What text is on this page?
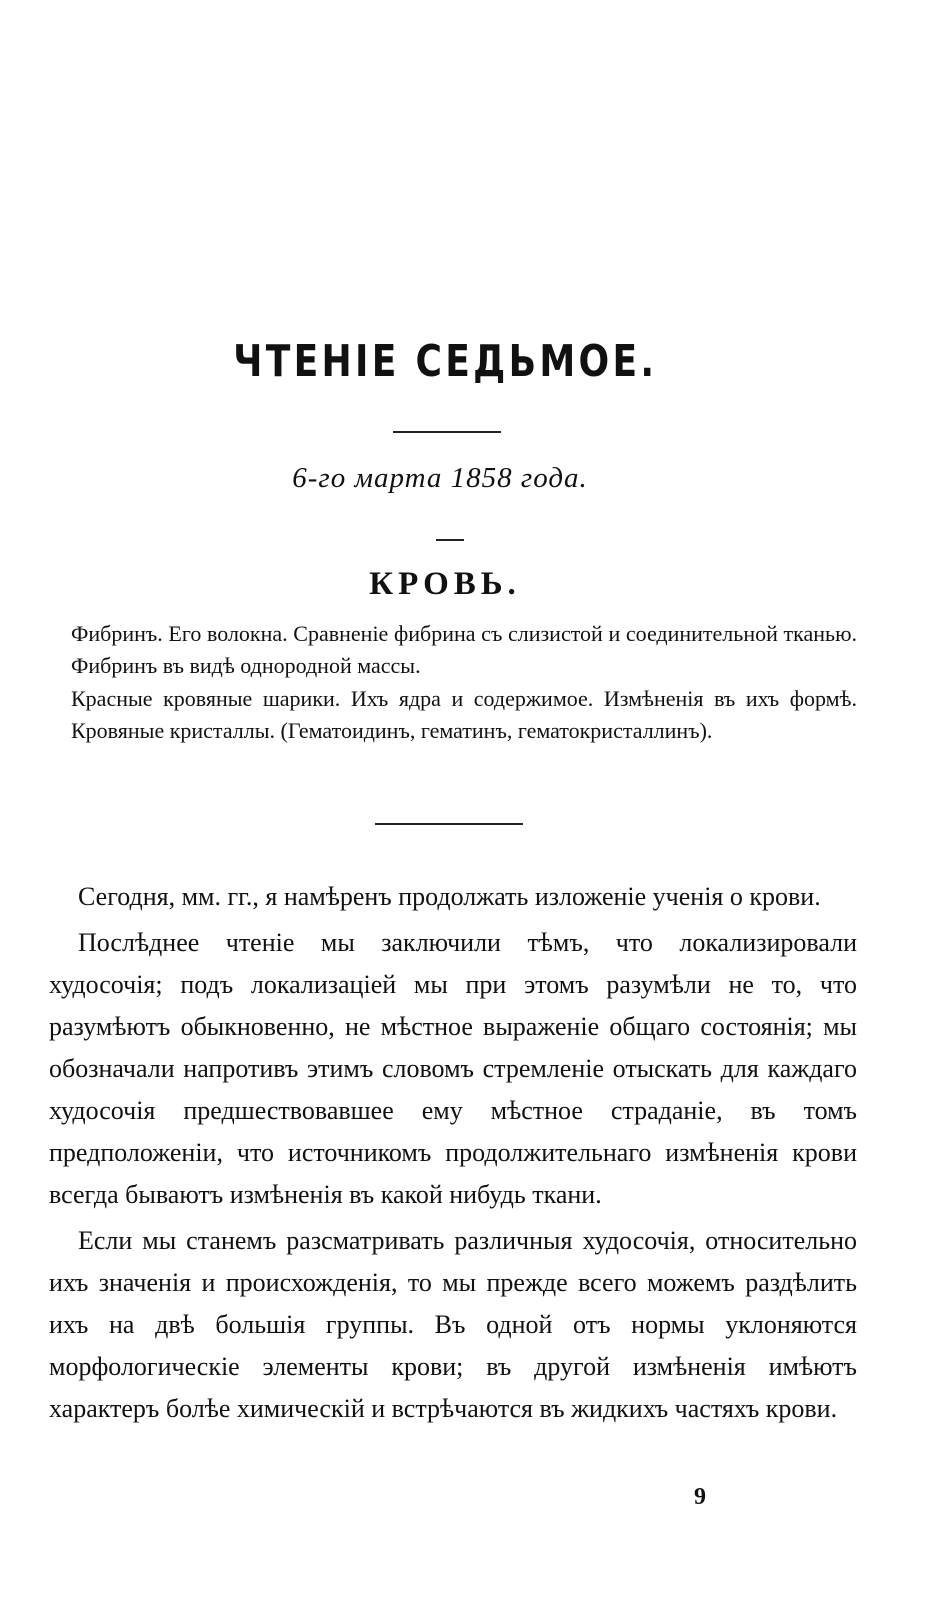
ЧТЕНІЕ СЕДЬМОЕ.

6-го марта 1858 года.

КРОВЬ.

Фибринъ. Его волокна. Сравненіе фибрина съ слизистой и соединительной тканью. Фибринъ въ видѣ однородной массы.

Красные кровяные шарики. Ихъ ядра и содержимое. Измѣненія въ ихъ формѣ. Кровяные кристаллы. (Гематоидинъ, гематинъ, гематокристаллинъ).

Сегодня, мм. гг., я намѣренъ продолжать изложеніе ученія о крови.

Послѣднее чтеніе мы заключили тѣмъ, что локализировали худосочія; подъ локализаціей мы при этомъ разумѣли не то, что разумѣютъ обыкновенно, не мѣстное выраженіе общаго состоянія; мы обозначали напротивъ этимъ словомъ стремленіе отыскать для каждаго худосочія предшествовавшее ему мѣстное страданіе, въ томъ предположеніи, что источникомъ продолжительнаго измѣненія крови всегда бываютъ измѣненія въ какой нибудь ткани.

Если мы станемъ разсматривать различныя худосочія, относительно ихъ значенія и происхожденія, то мы прежде всего можемъ раздѣлить ихъ на двѣ большія группы. Въ одной отъ нормы уклоняются морфологическіе элементы крови; въ другой измѣненія имѣютъ характеръ болѣе химическій и встрѣчаются въ жидкихъ частяхъ крови.

9
